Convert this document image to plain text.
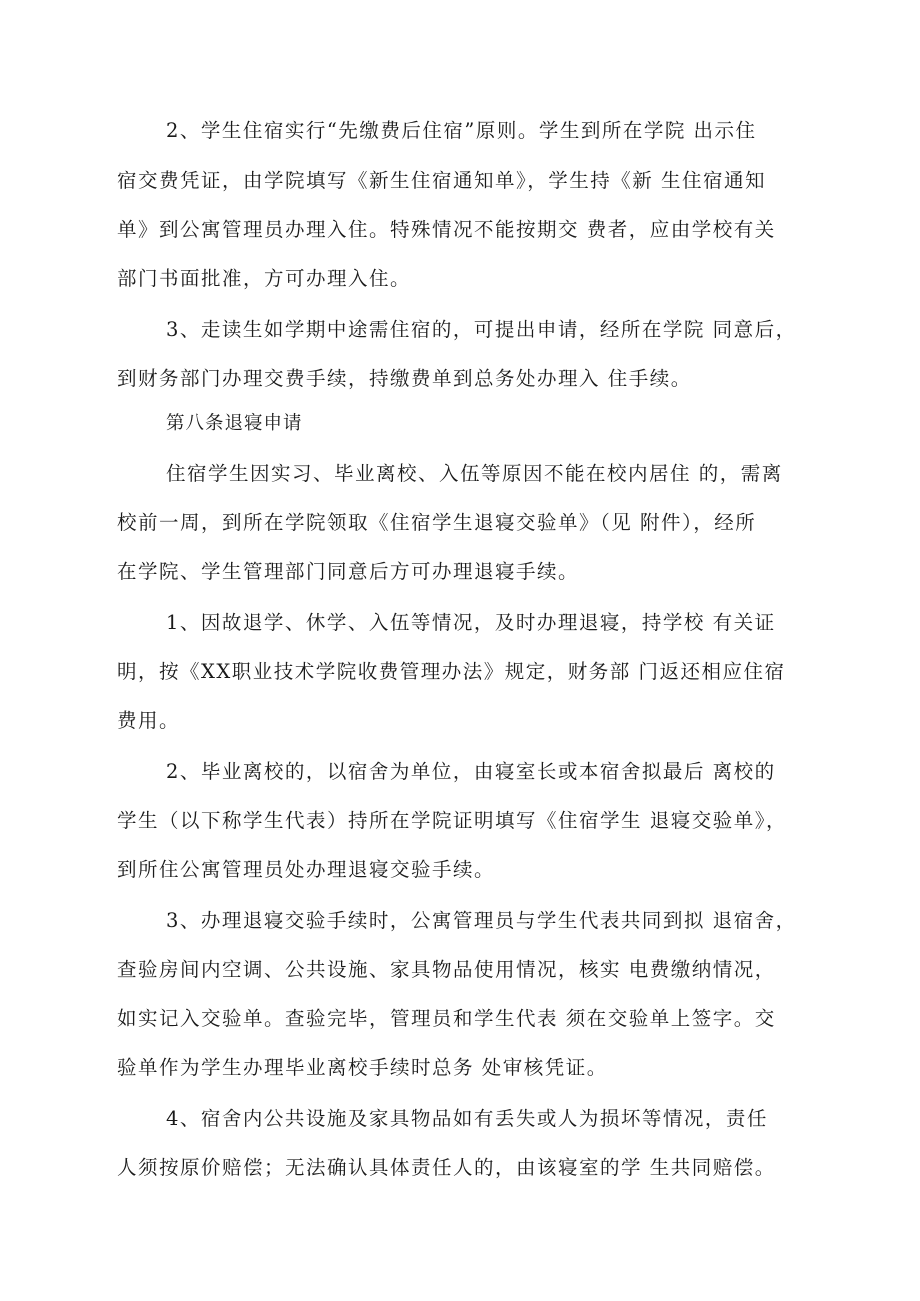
2、学生住宿实行“先缴费后住宿”原则。学生到所在学院 出示住
宿交费凭证，由学院填写《新生住宿通知单》，学生持《新 生住宿通知
单》到公寓管理员办理入住。特殊情况不能按期交 费者，应由学校有关
部门书面批准，方可办理入住。
3、走读生如学期中途需住宿的，可提出申请，经所在学院 同意后，
到财务部门办理交费手续，持缴费单到总务处办理入 住手续。
第八条退寝申请
住宿学生因实习、毕业离校、入伍等原因不能在校内居住 的，需离
校前一周，到所在学院领取《住宿学生退寝交验单》（见 附件），经所
在学院、学生管理部门同意后方可办理退寝手续。
1、因故退学、休学、入伍等情况，及时办理退寝，持学校 有关证
明，按《XX职业技术学院收费管理办法》规定，财务部 门返还相应住宿
费用。
2、毕业离校的，以宿舍为单位，由寝室长或本宿舍拟最后 离校的
学生（以下称学生代表）持所在学院证明填写《住宿学生 退寝交验单》，
到所住公寓管理员处办理退寝交验手续。
3、办理退寝交验手续时，公寓管理员与学生代表共同到拟 退宿舍，
查验房间内空调、公共设施、家具物品使用情况，核实 电费缴纳情况，
如实记入交验单。查验完毕，管理员和学生代表 须在交验单上签字。交
验单作为学生办理毕业离校手续时总务 处审核凭证。
4、宿舍内公共设施及家具物品如有丢失或人为损坏等情况，责任
人须按原价赔偿；无法确认具体责任人的，由该寝室的学 生共同赔偿。
